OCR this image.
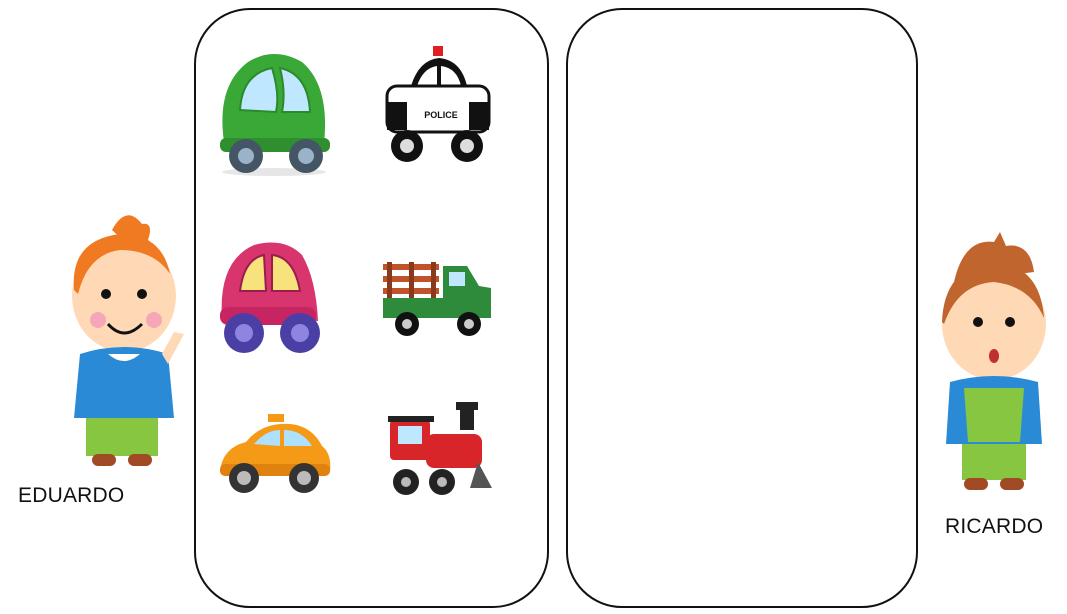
POLICE
EDUARDO
RICARDO
